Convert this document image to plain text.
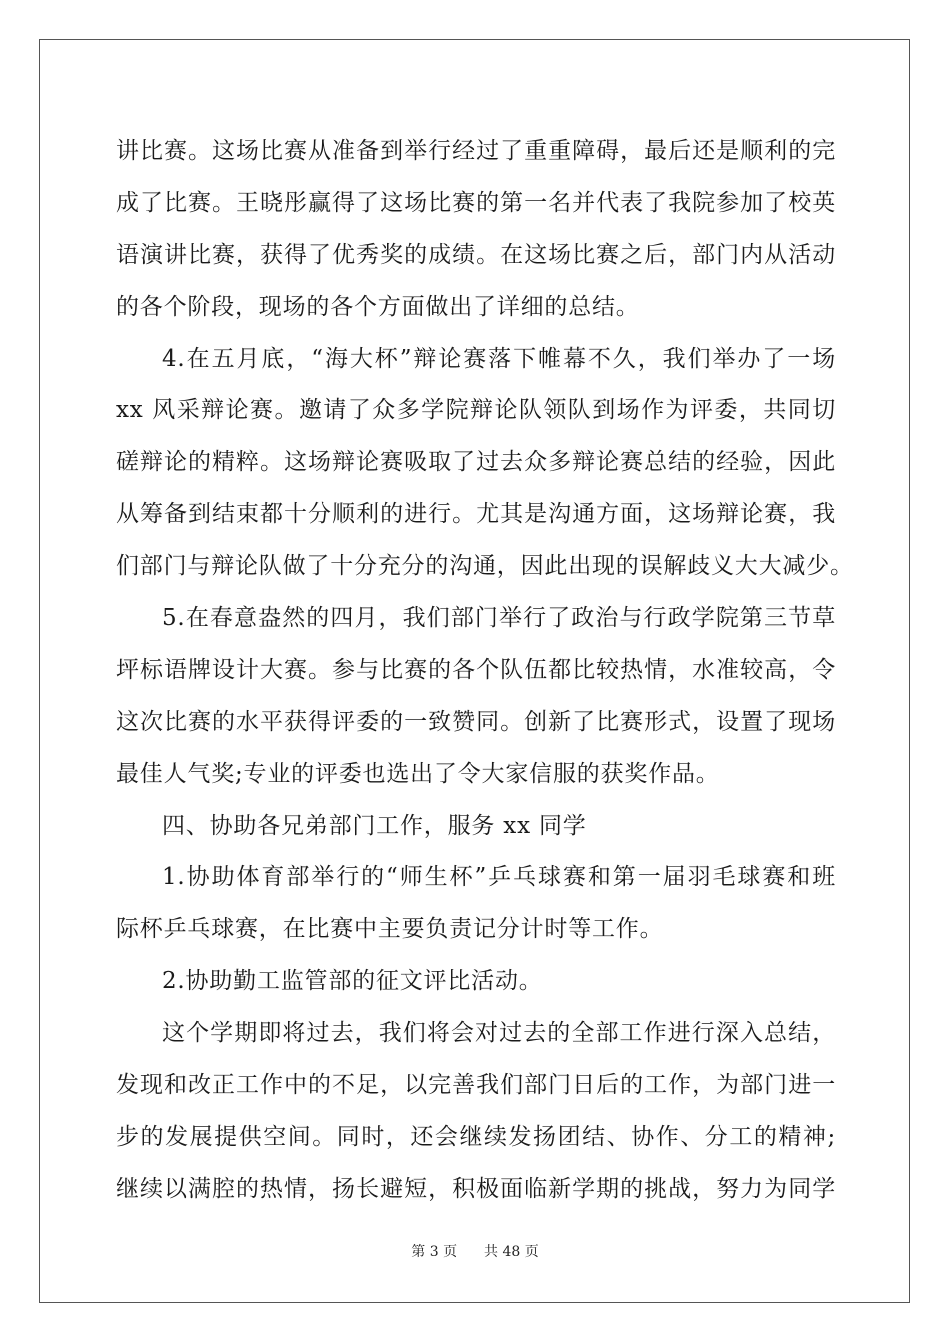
讲比赛。这场比赛从准备到举行经过了重重障碍，最后还是顺利的完
成了比赛。王晓彤赢得了这场比赛的第一名并代表了我院参加了校英
语演讲比赛，获得了优秀奖的成绩。在这场比赛之后，部门内从活动
的各个阶段，现场的各个方面做出了详细的总结。
4.在五月底，“海大杯”辩论赛落下帷幕不久，我们举办了一场
xx 风采辩论赛。邀请了众多学院辩论队领队到场作为评委，共同切
磋辩论的精粹。这场辩论赛吸取了过去众多辩论赛总结的经验，因此
从筹备到结束都十分顺利的进行。尤其是沟通方面，这场辩论赛，我
们部门与辩论队做了十分充分的沟通，因此出现的误解歧义大大减少。
5.在春意盎然的四月，我们部门举行了政治与行政学院第三节草
坪标语牌设计大赛。参与比赛的各个队伍都比较热情，水准较高，令
这次比赛的水平获得评委的一致赞同。创新了比赛形式，设置了现场
最佳人气奖;专业的评委也选出了令大家信服的获奖作品。
四、协助各兄弟部门工作，服务 xx 同学
1.协助体育部举行的“师生杯”乒乓球赛和第一届羽毛球赛和班
际杯乒乓球赛，在比赛中主要负责记分计时等工作。
2.协助勤工监管部的征文评比活动。
这个学期即将过去，我们将会对过去的全部工作进行深入总结，
发现和改正工作中的不足，以完善我们部门日后的工作，为部门进一
步的发展提供空间。同时，还会继续发扬团结、协作、分工的精神;
继续以满腔的热情，扬长避短，积极面临新学期的挑战，努力为同学
第 3 页 共 48 页
